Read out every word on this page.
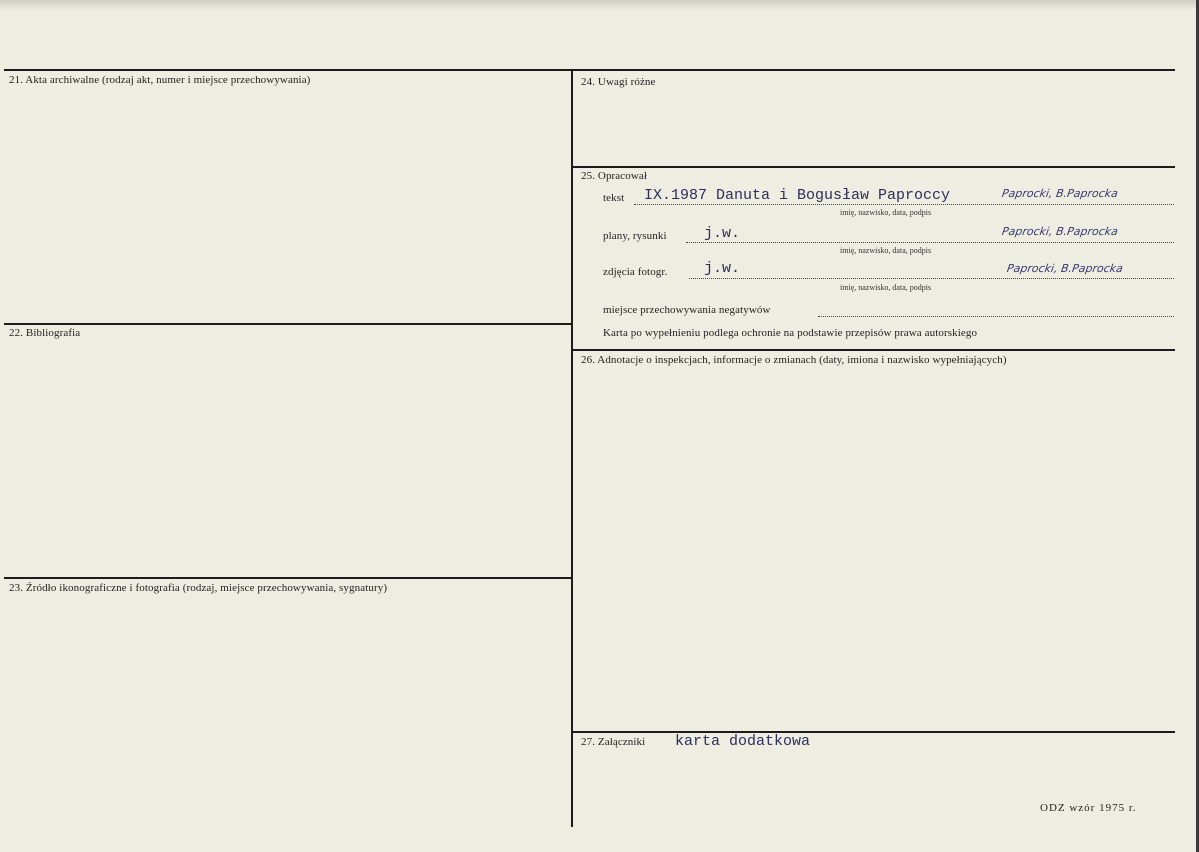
21. Akta archiwalne (rodzaj akt, numer i miejsce przechowywania)
22. Bibliografia
23. Źródło ikonograficzne i fotografia (rodzaj, miejsce przechowywania, sygnatury)
24. Uwagi różne
25. Opracował
26. Adnotacje o inspekcjach, informacje o zmianach (daty, imiona i nazwisko wypełniających)
27. Załączniki
tekst IX.1987 Danuta i Bogusław Paproccy	Paprocki, B.Paprocka
imię, nazwisko, data, podpis
plany, rysunki j.w.	Paprocki, B.Paprocka
imię, nazwisko, data, podpis
zdjęcia fotogr. j.w.	Paprocki, B.Paprocka
imię, nazwisko, data, podpis
miejsce przechowywania negatywów
Karta po wypełnieniu podlega ochronie na podstawie przepisów prawa autorskiego
karta dodatkowa
ODZ wzór 1975 r.
